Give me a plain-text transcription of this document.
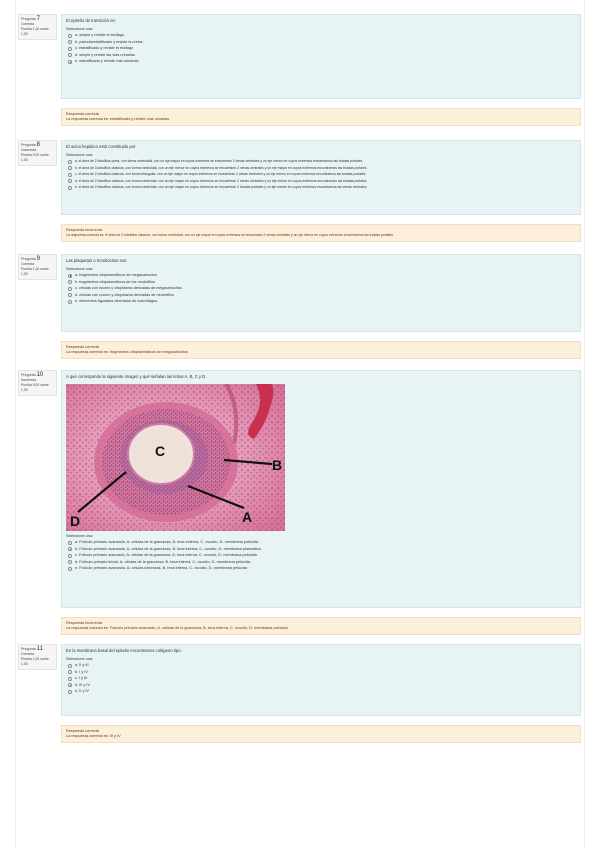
Pregunta 7
Correcta
Puntúa 1,00 sobre 1,00
El epitelio de transición es:
Seleccione una:
a. simple y reviste el esófago.
b. pseudoestratificado y reviste la uretra.
c. estratificado y reviste el esófago
d. simple y reviste las vías urinarias
e. estratificado y reviste vías urinarias
Respuesta correcta
La respuesta correcta es: estratificado y reviste vías urinarias
Pregunta 8
Incorrecta
Puntúa 0,00 sobre 1,00
El acino hepático está constituido por:
Seleccione una:
a. el área de 2 lobulillos porta, con forma romboidal, con un eje mayor en cuyos extremos se encuentran 2 venas centrales y un eje menor en cuyos extremos encontramos las tríadas portales
b. el área de 3 lobulillos clásicos, con forma romboidal, con un eje menor en cuyos extremos se encuentran 2 venas centrales y un eje mayor en cuyos extremos encontramos las tríadas portales
c. el área de 2 lobulillos clásicos, con forma triangular, con un eje mayor en cuyos extremos se encuentran 2 venas centrales y un eje menor en cuyos extremos encontramos las tríadas portales
d. el área de 2 lobulillos clásicos, con forma romboidal, con un eje mayor en cuyos extremos se encuentran 2 venas centrales y un eje menor en cuyos extremos encontramos las tríadas portales
e. el área de 2 lobulillos clásicos, con forma romboidal, con un eje mayor en cuyos extremos se encuentran 2 tríadas portales y un eje menor en cuyos extremos encontramos las venas centrales
Respuesta incorrecta.
La respuesta correcta es: el área de 2 lobulillos clásicos, con forma romboidal, con un eje mayor en cuyos extremos se encuentran 2 venas centrales y un eje menor en cuyos extremos encontramos las tríadas portales
Pregunta 9
Correcta
Puntúa 1,00 sobre 1,00
Las plaquetas o trombocitos son:
Seleccione una:
a. fragmentos citoplasmáticos de megacariocitos
b. fragmentos citoplasmáticos de los neutrófilos
c. células con núcleo y citoplasma derivadas de megacariocitos
d. células con núcleo y citoplasma derivadas de neutrófilos
e. elementos figurados derivados de macrófagos.
Respuesta correcta
La respuesta correcta es: fragmentos citoplasmáticos de megacariocitos
Pregunta 10
Incorrecta
Puntúa 0,00 sobre 1,00
A qué corresponde la siguiente imagen y qué señalan las letras A, B, C y D.
C
B
D	A
Seleccione una:
a. Folículo primario avanzado, A- células de la granulosa, B- teca externa, C- ovocito, D- membrana pelúcida.
b. Folículo primario avanzado, A- células de la granulosa, B- teca interna, C- ovocito, D- membrana plasmática
c. Folículo primario avanzado, A- células de la granulosa, B- teca interna, C- ovocito, D- membrana pelúcida.
d. Folículo primario inicial, A- células de la granulosa, B- teca interna, C- ovocito, D- membrana pelúcida.
e. Folículo primario avanzado, A- células luteínicas, B- teca interna, C- ovocito, D- membrana pelúcida
Respuesta incorrecta.
La respuesta correcta es: Folículo primario avanzado, A- células de la granulosa, B- teca interna, C- ovocito, D- membrana pelúcida.
Pregunta 11
Correcta
Puntúa 1,00 sobre 1,00
En la membrana basal del epitelio encontramos colágeno tipo:
Seleccione una:
a. II y III
b. I y IV
c. I y III
d. III y IV
e. II y IV
Respuesta correcta
La respuesta correcta es: III y IV
